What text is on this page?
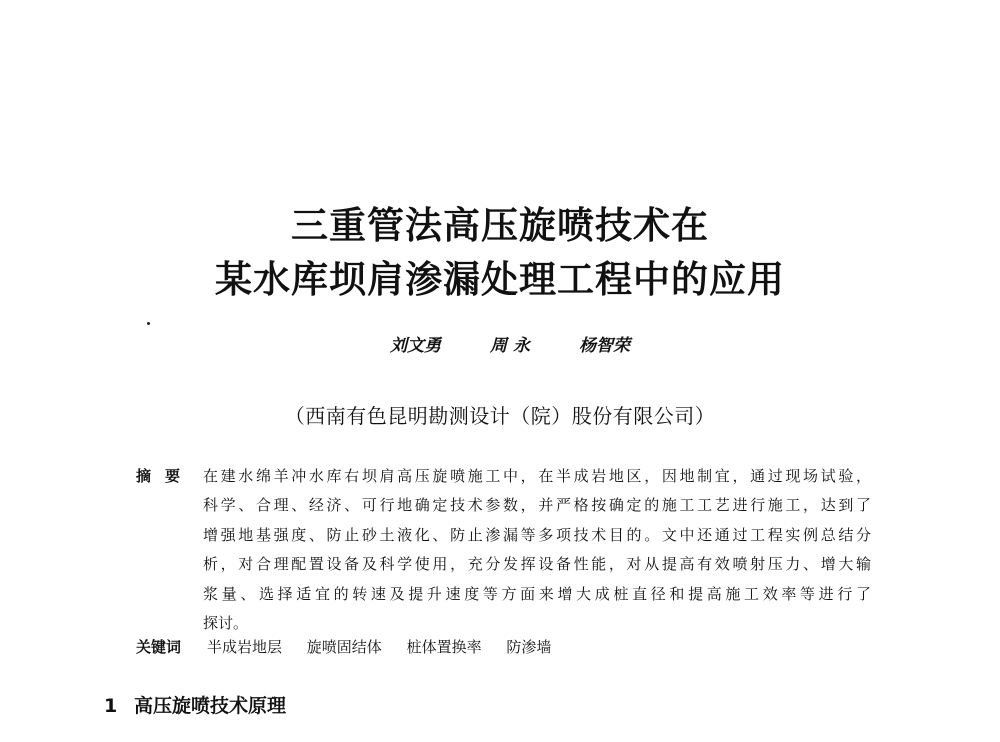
三重管法高压旋喷技术在
某水库坝肩渗漏处理工程中的应用
刘文勇	周 永	杨智荣
（西南有色昆明勘测设计（院）股份有限公司）
摘要 在建水绵羊冲水库右坝肩高压旋喷施工中，在半成岩地区，因地制宜，通过现场试验，
科学、合理、经济、可行地确定技术参数，并严格按确定的施工工艺进行施工，达到了
增强地基强度、防止砂土液化、防止渗漏等多项技术目的。文中还通过工程实例总结分
析，对合理配置设备及科学使用，充分发挥设备性能，对从提高有效喷射压力、增大输
浆量、选择适宜的转速及提升速度等方面来增大成桩直径和提高施工效率等进行了
探讨。
关键词 半成岩地层 旋喷固结体 桩体置换率 防渗墙
1 高压旋喷技术原理
